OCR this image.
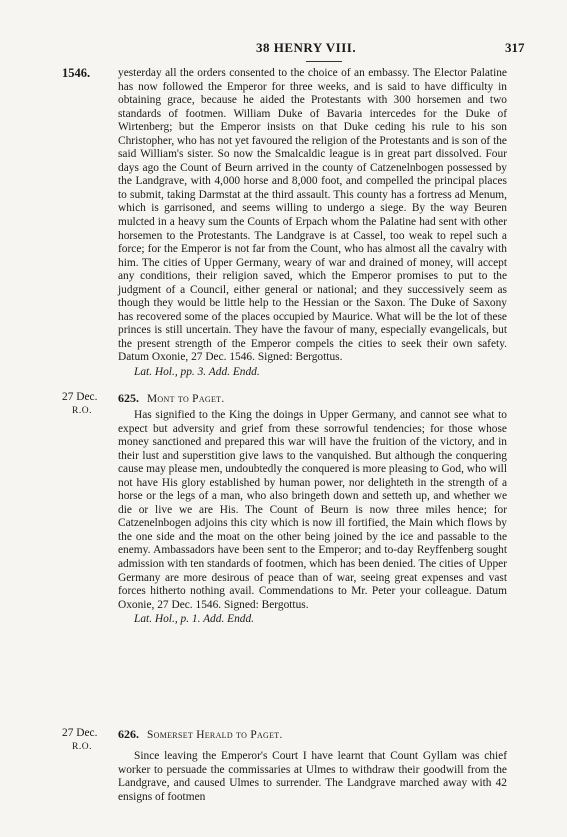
38 HENRY VIII.	317
1546. yesterday all the orders consented to the choice of an embassy. The Elector Palatine has now followed the Emperor for three weeks, and is said to have difficulty in obtaining grace, because he aided the Protestants with 300 horsemen and two standards of footmen. William Duke of Bavaria intercedes for the Duke of Wirtenberg; but the Emperor insists on that Duke ceding his rule to his son Christopher, who has not yet favoured the religion of the Protestants and is son of the said William's sister. So now the Smalcaldic league is in great part dissolved. Four days ago the Count of Beurn arrived in the county of Catzenelnbogen possessed by the Landgrave, with 4,000 horse and 8,000 foot, and compelled the principal places to submit, taking Darmstat at the third assault. This county has a fortress ad Menum, which is garrisoned, and seems willing to undergo a siege. By the way Beuren mulcted in a heavy sum the Counts of Erpach whom the Palatine had sent with other horsemen to the Protestants. The Landgrave is at Cassel, too weak to repel such a force; for the Emperor is not far from the Count, who has almost all the cavalry with him. The cities of Upper Germany, weary of war and drained of money, will accept any conditions, their religion saved, which the Emperor promises to put to the judgment of a Council, either general or national; and they successively seem as though they would be little help to the Hessian or the Saxon. The Duke of Saxony has recovered some of the places occupied by Maurice. What will be the lot of these princes is still uncertain. They have the favour of many, especially evangelicals, but the present strength of the Emperor compels the cities to seek their own safety. Datum Oxonie, 27 Dec. 1546. Signed: Bergottus.

Lat. Hol., pp. 3. Add. Endd.

27 Dec.
R.O.
625. Mont to Paget.

Has signified to the King the doings in Upper Germany, and cannot see what to expect but adversity and grief from these sorrowful tendencies; for those whose money sanctioned and prepared this war will have the fruition of the victory, and in their lust and superstition give laws to the vanquished. But although the conquering cause may please men, undoubtedly the conquered is more pleasing to God, who will not have His glory established by human power, nor delighteth in the strength of a horse or the legs of a man, who also bringeth down and setteth up, and whether we die or live we are His. The Count of Beurn is now three miles hence; for Catzenelnbogen adjoins this city which is now ill fortified, the Main which flows by the one side and the moat on the other being joined by the ice and passable to the enemy. Ambassadors have been sent to the Emperor; and to-day Reyffenberg sought admission with ten standards of footmen, which has been denied. The cities of Upper Germany are more desirous of peace than of war, seeing great expenses and vast forces hitherto nothing avail. Commendations to Mr. Peter your colleague. Datum Oxonie, 27 Dec. 1546. Signed: Bergottus.

Lat. Hol., p. 1. Add. Endd.

27 Dec.
R.O.
626. Somerset Herald to Paget.

Since leaving the Emperor's Court I have learnt that Count Gyllam was chief worker to persuade the commissaries at Ulmes to withdraw their goodwill from the Landgrave, and caused Ulmes to surrender. The Landgrave marched away with 42 ensigns of footmen
